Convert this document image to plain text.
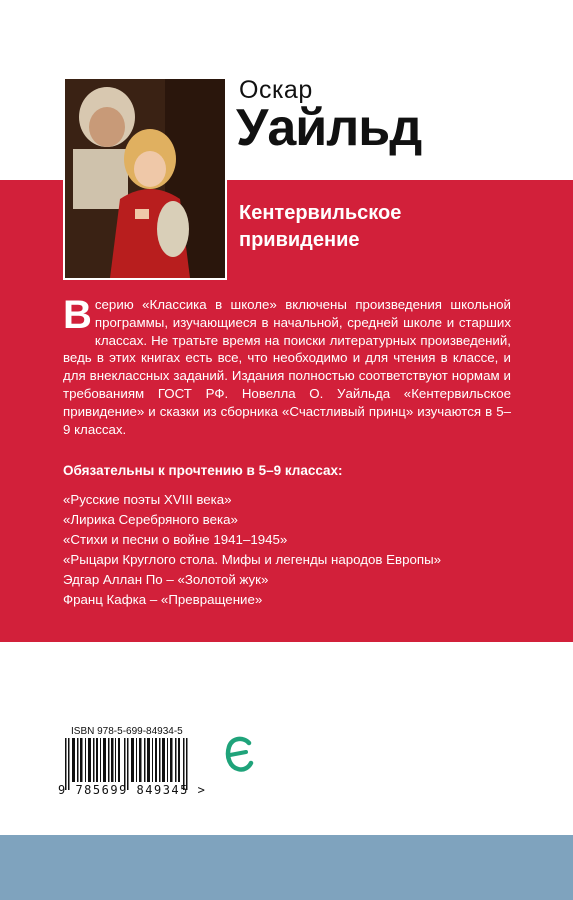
Оскар
Уайльд
Кентервильское
привидение
Всерию «Классика в школе» включены произведения школьной программы, изучающиеся в начальной, средней школе и старших классах. Не тратьте время на поиски литературных произведений, ведь в этих книгах есть все, что необходимо и для чтения в классе, и для внеклассных заданий. Издания полностью соответствуют нормам и требованиям ГОСТ РФ. Новелла О. Уайльда «Кентервильское привидение» и сказки из сборника «Счастливый принц» изучаются в 5–9 классах.
Обязательны к прочтению в 5–9 классах:
«Русские поэты XVIII века»
«Лирика Серебряного века»
«Стихи и песни о войне 1941–1945»
«Рыцари Круглого стола. Мифы и легенды народов Европы»
Эдгар Аллан По – «Золотой жук»
Франц Кафка – «Превращение»
ISBN 978-5-699-84934-5
9 785699 849345 >
